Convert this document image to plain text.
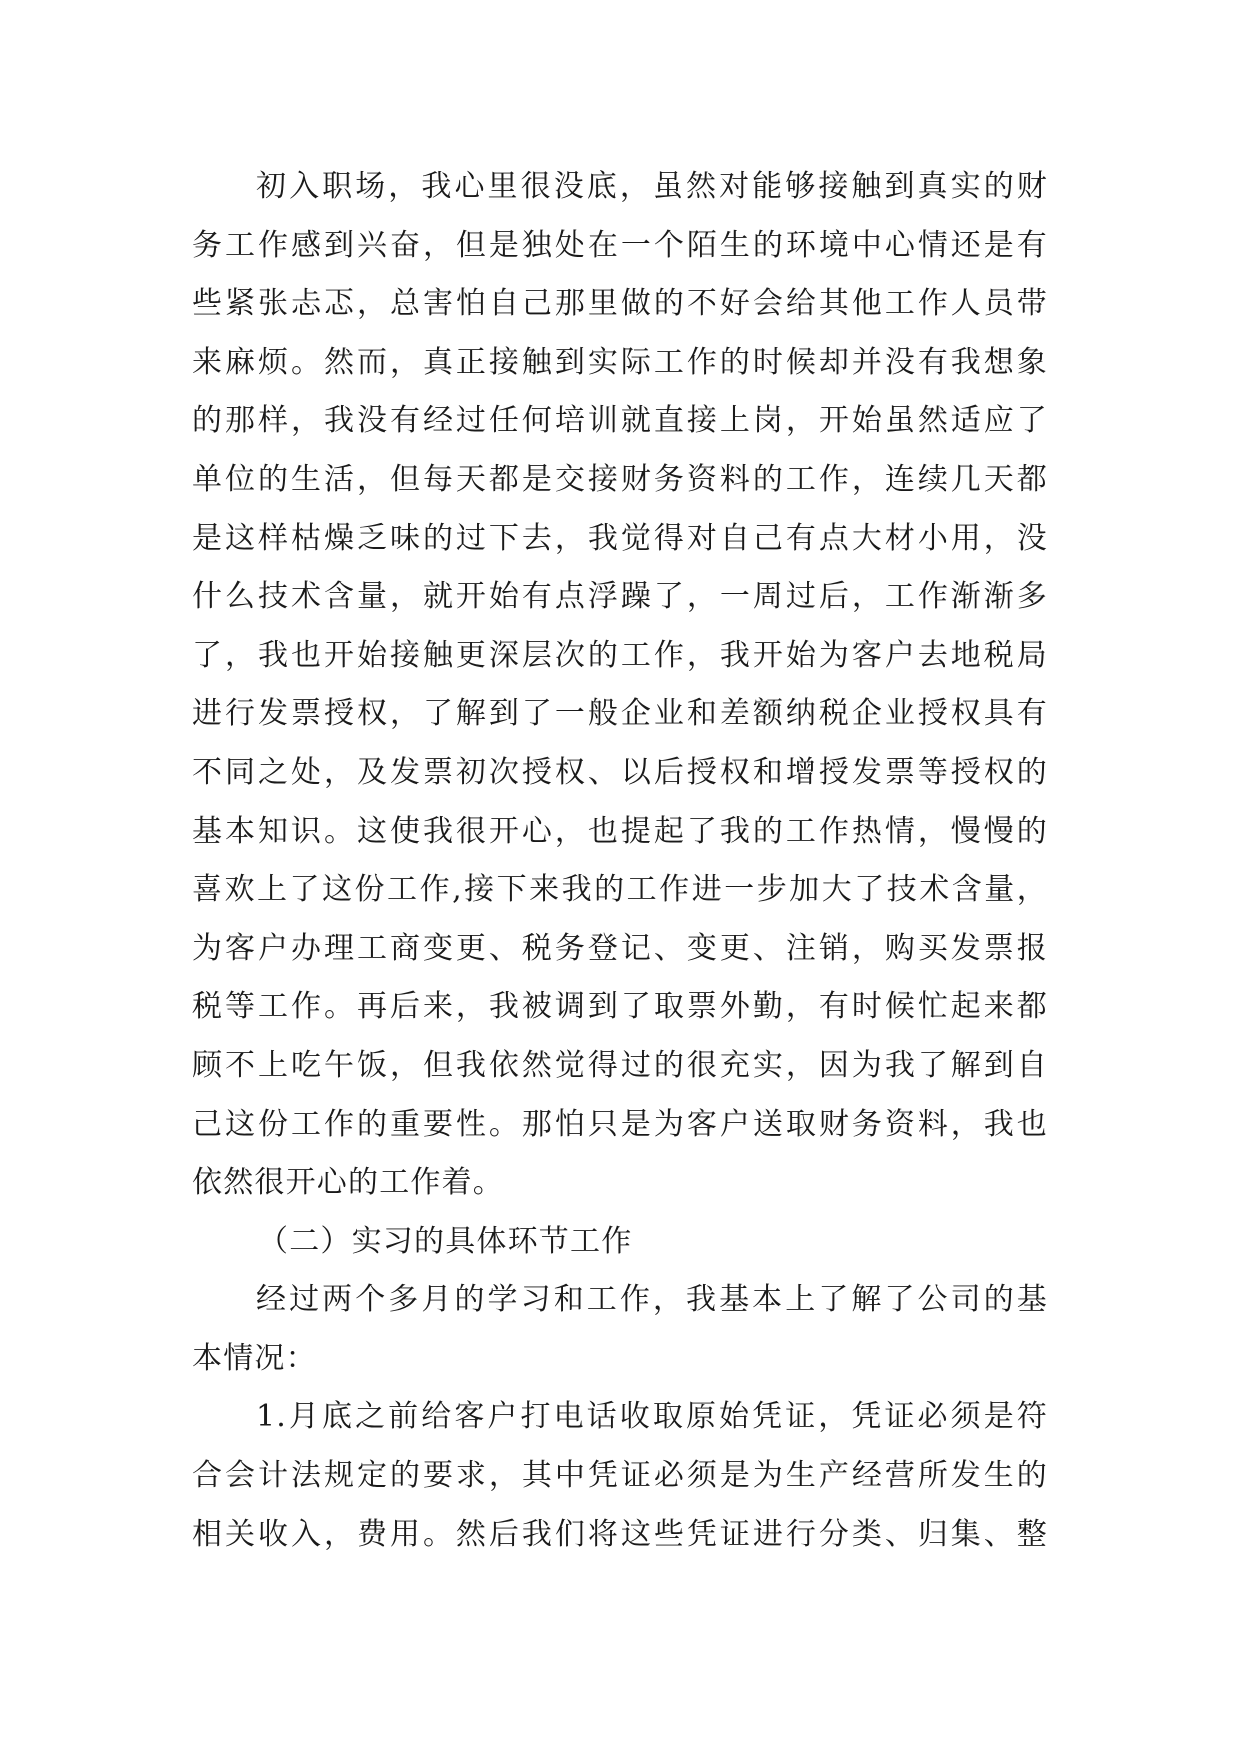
初入职场，我心里很没底，虽然对能够接触到真实的财
务工作感到兴奋，但是独处在一个陌生的环境中心情还是有
些紧张忐忑，总害怕自己那里做的不好会给其他工作人员带
来麻烦。然而，真正接触到实际工作的时候却并没有我想象
的那样，我没有经过任何培训就直接上岗，开始虽然适应了
单位的生活，但每天都是交接财务资料的工作，连续几天都
是这样枯燥乏味的过下去，我觉得对自己有点大材小用，没
什么技术含量，就开始有点浮躁了，一周过后，工作渐渐多
了，我也开始接触更深层次的工作，我开始为客户去地税局
进行发票授权，了解到了一般企业和差额纳税企业授权具有
不同之处，及发票初次授权、以后授权和增授发票等授权的
基本知识。这使我很开心，也提起了我的工作热情，慢慢的
喜欢上了这份工作,接下来我的工作进一步加大了技术含量，
为客户办理工商变更、税务登记、变更、注销，购买发票报
税等工作。再后来，我被调到了取票外勤，有时候忙起来都
顾不上吃午饭，但我依然觉得过的很充实，因为我了解到自
己这份工作的重要性。那怕只是为客户送取财务资料，我也
依然很开心的工作着。
（二）实习的具体环节工作
经过两个多月的学习和工作，我基本上了解了公司的基
本情况：
1.月底之前给客户打电话收取原始凭证，凭证必须是符
合会计法规定的要求，其中凭证必须是为生产经营所发生的
相关收入，费用。然后我们将这些凭证进行分类、归集、整
